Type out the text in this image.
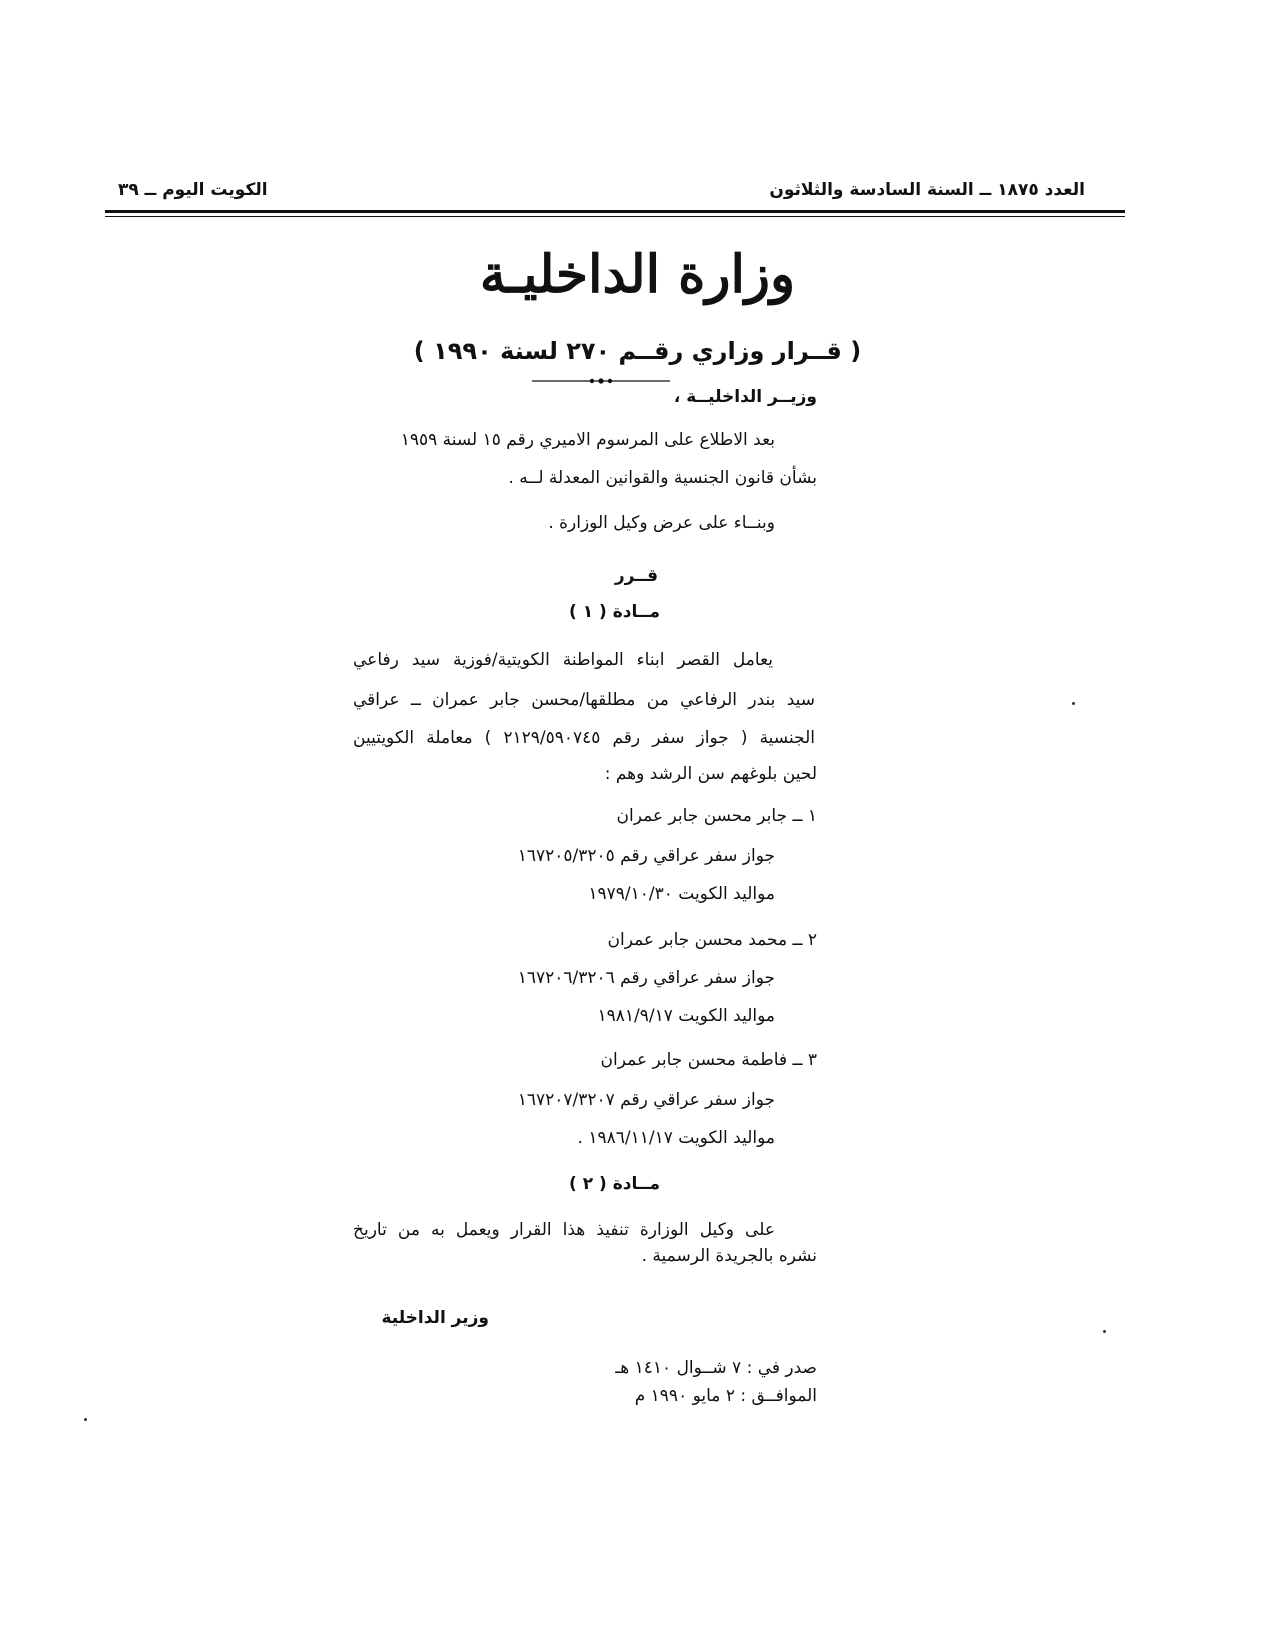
العدد ١٨٧٥ ــ السنة السادسة والثلاثون
الكويت اليوم ــ ٣٩
وزارة الداخليـة
( قــرار وزاري رقــم ٢٧٠ لسنة ١٩٩٠ )
وزيــر الداخليــة ،
بعد الاطلاع على المرسوم الاميري رقم ١٥ لسنة ١٩٥٩
بشأن قانون الجنسية والقوانين المعدلة لــه .
وبنــاء على عرض وكيل الوزارة .
قــرر
مــادة ( ١ )
يعامل القصر ابناء المواطنة الكويتية/فوزية سيد رفاعي
سيد بندر الرفاعي من مطلقها/محسن جابر عمران ــ عراقي
الجنسية ( جواز سفر رقم ٢١٢٩/٥٩٠٧٤٥ ) معاملة الكويتيين
لحين بلوغهم سن الرشد وهم :
١ ــ جابر محسن جابر عمران
جواز سفر عراقي رقم ١٦٧٢٠٥/٣٢٠٥
مواليد الكويت ١٩٧٩/١٠/٣٠
٢ ــ محمد محسن جابر عمران
جواز سفر عراقي رقم ١٦٧٢٠٦/٣٢٠٦
مواليد الكويت ١٩٨١/٩/١٧
٣ ــ فاطمة محسن جابر عمران
جواز سفر عراقي رقم ١٦٧٢٠٧/٣٢٠٧
مواليد الكويت ١٩٨٦/١١/١٧ .
مــادة ( ٢ )
على وكيل الوزارة تنفيذ هذا القرار ويعمل به من تاريخ
نشره بالجريدة الرسمية .
وزير الداخلية
صدر في : ٧ شــوال ١٤١٠ هـ
الموافــق : ٢ مايو ١٩٩٠ م
